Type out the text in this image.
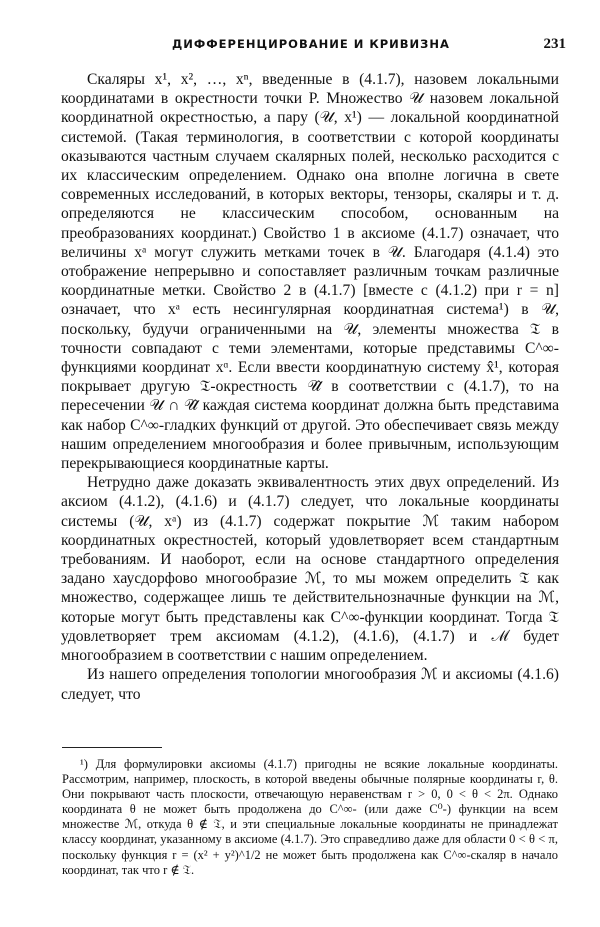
ДИФФЕРЕНЦИРОВАНИЕ И КРИВИЗНА	231

Скаляры x¹, x², …, xⁿ, введенные в (4.1.7), назовем локальными координатами в окрестности точки P. Множество 𝒰 назовем локальной координатной окрестностью, а пару (𝒰, x¹) — локальной координатной системой. (Такая терминология, в соответствии с которой координаты оказываются частным случаем скалярных полей, несколько расходится с их классическим определением. Однако она вполне логична в свете современных исследований, в которых векторы, тензоры, скаляры и т. д. определяются не классическим способом, основанным на преобразованиях координат.) Свойство 1 в аксиоме (4.1.7) означает, что величины xᵃ могут служить метками точек в 𝒰. Благодаря (4.1.4) это отображение непрерывно и сопоставляет различным точкам различные координатные метки. Свойство 2 в (4.1.7) [вместе с (4.1.2) при r = n] означает, что xᵃ есть несингулярная координатная система¹) в 𝒰, поскольку, будучи ограниченными на 𝒰, элементы множества 𝔗 в точности совпадают с теми элементами, которые представимы C^∞-функциями координат xᵅ. Если ввести координатную систему x̂¹, которая покрывает другую 𝔗-окрестность 𝒰̂ в соответствии с (4.1.7), то на пересечении 𝒰 ∩ 𝒰̂ каждая система координат должна быть представима как набор C^∞-гладких функций от другой. Это обеспечивает связь между нашим определением многообразия и более привычным, использующим перекрывающиеся координатные карты.

Нетрудно даже доказать эквивалентность этих двух определений. Из аксиом (4.1.2), (4.1.6) и (4.1.7) следует, что локальные координаты системы (𝒰, xᵃ) из (4.1.7) содержат покрытие ℳ таким набором координатных окрестностей, который удовлетворяет всем стандартным требованиям. И наоборот, если на основе стандартного определения задано хаусдорфово многообразие ℳ, то мы можем определить 𝔗 как множество, содержащее лишь те действительнозначные функции на ℳ, которые могут быть представлены как C^∞-функции координат. Тогда 𝔗 удовлетворяет трем аксиомам (4.1.2), (4.1.6), (4.1.7) и ℳ будет многообразием в соответствии с нашим определением.

Из нашего определения топологии многообразия ℳ и аксиомы (4.1.6) следует, что

¹) Для формулировки аксиомы (4.1.7) пригодны не всякие локальные координаты. Рассмотрим, например, плоскость, в которой введены обычные полярные координаты r, θ. Они покрывают часть плоскости, отвечающую неравенствам r > 0, 0 < θ < 2π. Однако координата θ не может быть продолжена до C^∞- (или даже C⁰-) функции на всем множестве ℳ, откуда θ ∉ 𝔗, и эти специальные локальные координаты не принадлежат классу координат, указанному в аксиоме (4.1.7). Это справедливо даже для области 0 < θ < π, поскольку функция r = (x² + y²)^1/2 не может быть продолжена как C^∞-скаляр в начало координат, так что r ∉ 𝔗.
